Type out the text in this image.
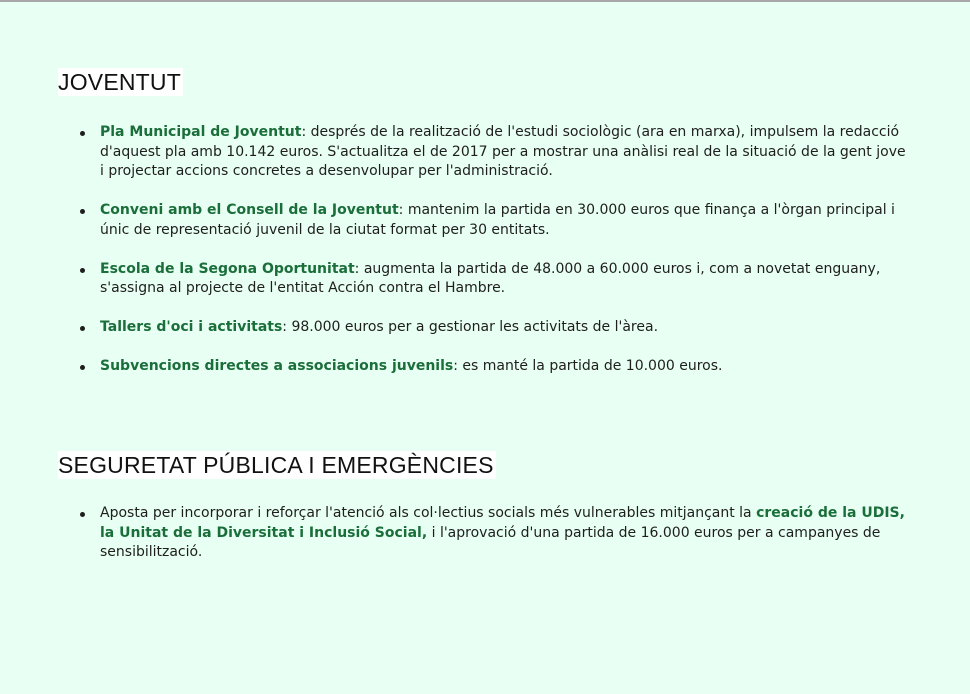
JOVENTUT
Pla Municipal de Joventut: després de la realització de l'estudi sociològic (ara en marxa), impulsem la redacció d'aquest pla amb 10.142 euros. S'actualitza el de 2017 per a mostrar una anàlisi real de la situació de la gent jove i projectar accions concretes a desenvolupar per l'administració.
Conveni amb el Consell de la Joventut: mantenim la partida en 30.000 euros que finança a l'òrgan principal i únic de representació juvenil de la ciutat format per 30 entitats.
Escola de la Segona Oportunitat: augmenta la partida de 48.000 a 60.000 euros i, com a novetat enguany, s'assigna al projecte de l'entitat Acción contra el Hambre.
Tallers d'oci i activitats: 98.000 euros per a gestionar les activitats de l'àrea.
Subvencions directes a associacions juvenils: es manté la partida de 10.000 euros.
SEGURETAT PÚBLICA I EMERGÈNCIES
Aposta per incorporar i reforçar l'atenció als col·lectius socials més vulnerables mitjançant la creació de la UDIS, la Unitat de la Diversitat i Inclusió Social, i l'aprovació d'una partida de 16.000 euros per a campanyes de sensibilització.
